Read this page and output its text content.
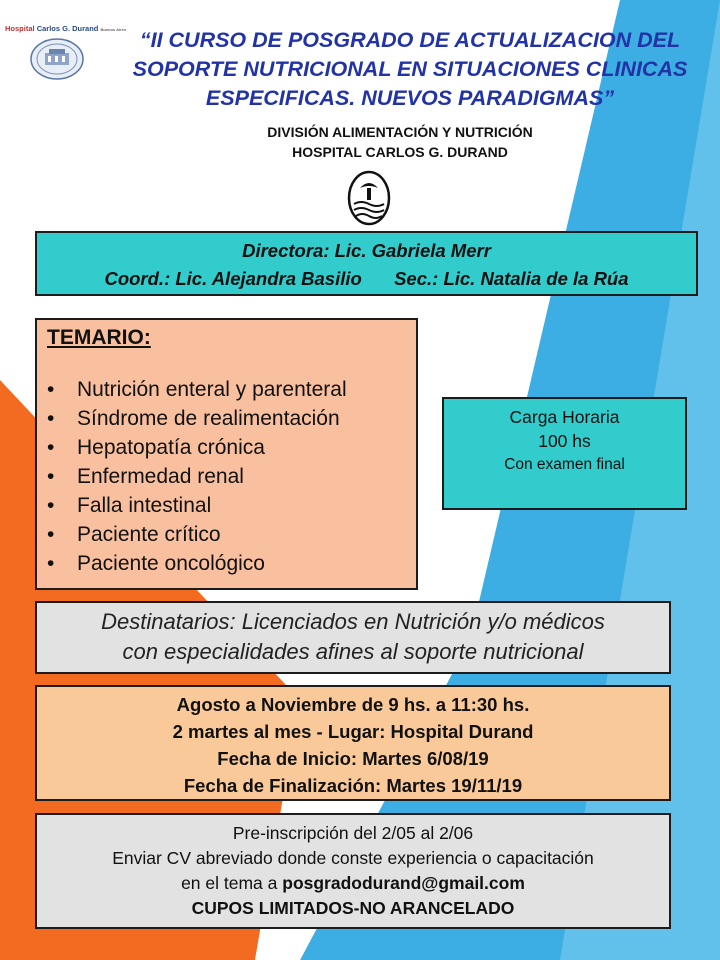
Hospital Carlos G. Durand Buenos Aires “II CURSO DE POSGRADO DE ACTUALIZACION DEL
SOPORTE NUTRICIONAL EN SITUACIONES CLINICAS
ESPECIFICAS. NUEVOS PARADIGMAS”
DIVISIÓN ALIMENTACIÓN Y NUTRICIÓN
HOSPITAL CARLOS G. DURAND
Directora: Lic. Gabriela Merr
Coord.: Lic. Alejandra Basilio Sec.: Lic. Natalia de la Rúa
TEMARIO:
• Nutrición enteral y parenteral
• Síndrome de realimentación
• Hepatopatía crónica
• Enfermedad renal
• Falla intestinal
• Paciente crítico
• Paciente oncológico
Carga Horaria
100 hs
Con examen final
Destinatarios: Licenciados en Nutrición y/o médicos
con especialidades afines al soporte nutricional
Agosto a Noviembre de 9 hs. a 11:30 hs.
2 martes al mes - Lugar: Hospital Durand
Fecha de Inicio: Martes 6/08/19
Fecha de Finalización: Martes 19/11/19
Pre-inscripción del 2/05 al 2/06
Enviar CV abreviado donde conste experiencia o capacitación
en el tema a posgradodurand@gmail.com
CUPOS LIMITADOS-NO ARANCELADO
